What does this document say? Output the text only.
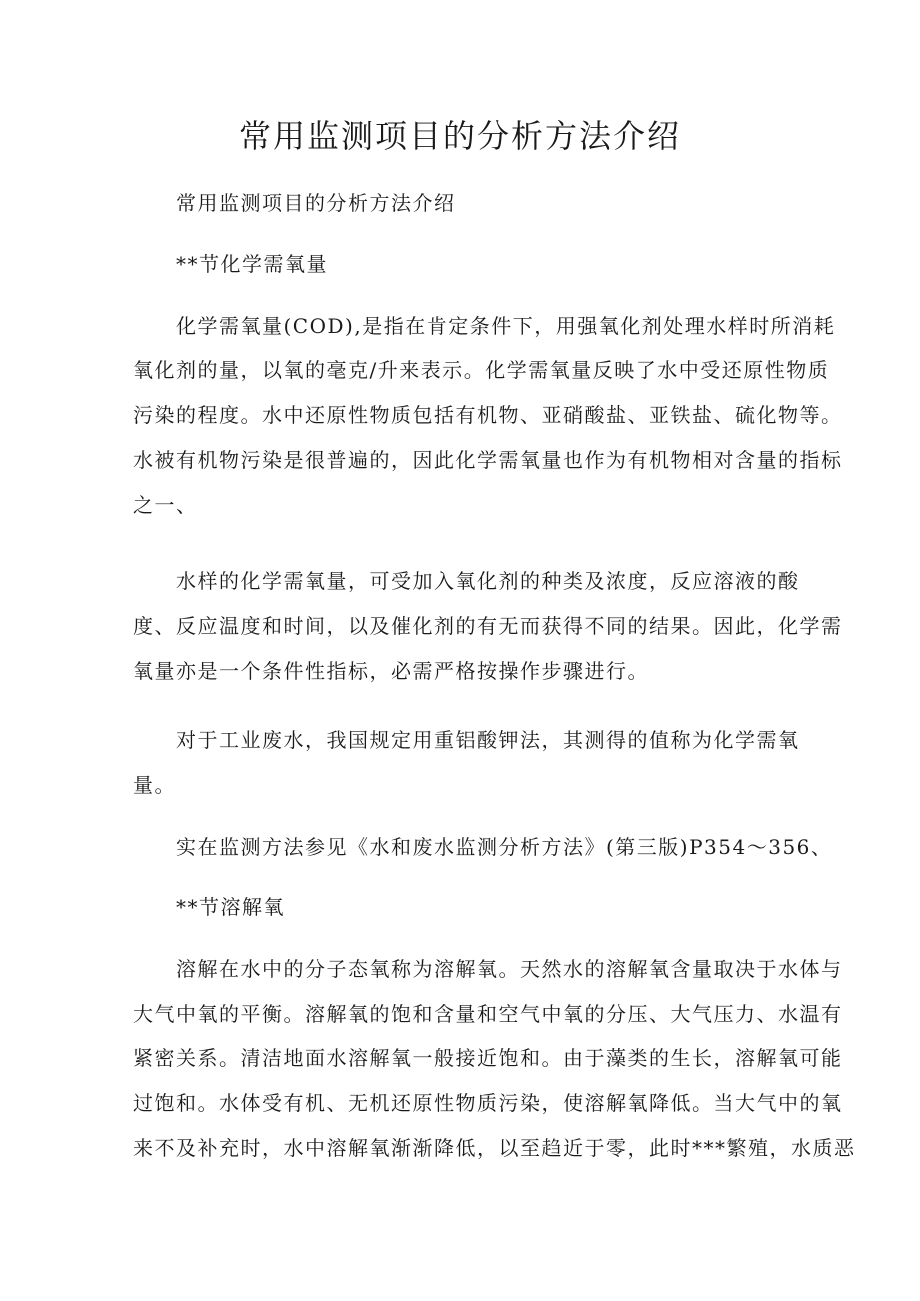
常用监测项目的分析方法介绍

常用监测项目的分析方法介绍

**节化学需氧量

化学需氧量(COD),是指在肯定条件下，用强氧化剂处理水样时所消耗

氧化剂的量，以氧的毫克/升来表示。化学需氧量反映了水中受还原性物质

污染的程度。水中还原性物质包括有机物、亚硝酸盐、亚铁盐、硫化物等。

水被有机物污染是很普遍的，因此化学需氧量也作为有机物相对含量的指标

之一、

水样的化学需氧量，可受加入氧化剂的种类及浓度，反应溶液的酸

度、反应温度和时间，以及催化剂的有无而获得不同的结果。因此，化学需

氧量亦是一个条件性指标，必需严格按操作步骤进行。

对于工业废水，我国规定用重铝酸钾法，其测得的值称为化学需氧

量。

实在监测方法参见《水和废水监测分析方法》(第三版)P354～356、

**节溶解氧

溶解在水中的分子态氧称为溶解氧。天然水的溶解氧含量取决于水体与

大气中氧的平衡。溶解氧的饱和含量和空气中氧的分压、大气压力、水温有

紧密关系。清洁地面水溶解氧一般接近饱和。由于藻类的生长，溶解氧可能

过饱和。水体受有机、无机还原性物质污染，使溶解氧降低。当大气中的氧

来不及补充时，水中溶解氧渐渐降低，以至趋近于零，此时***繁殖，水质恶
